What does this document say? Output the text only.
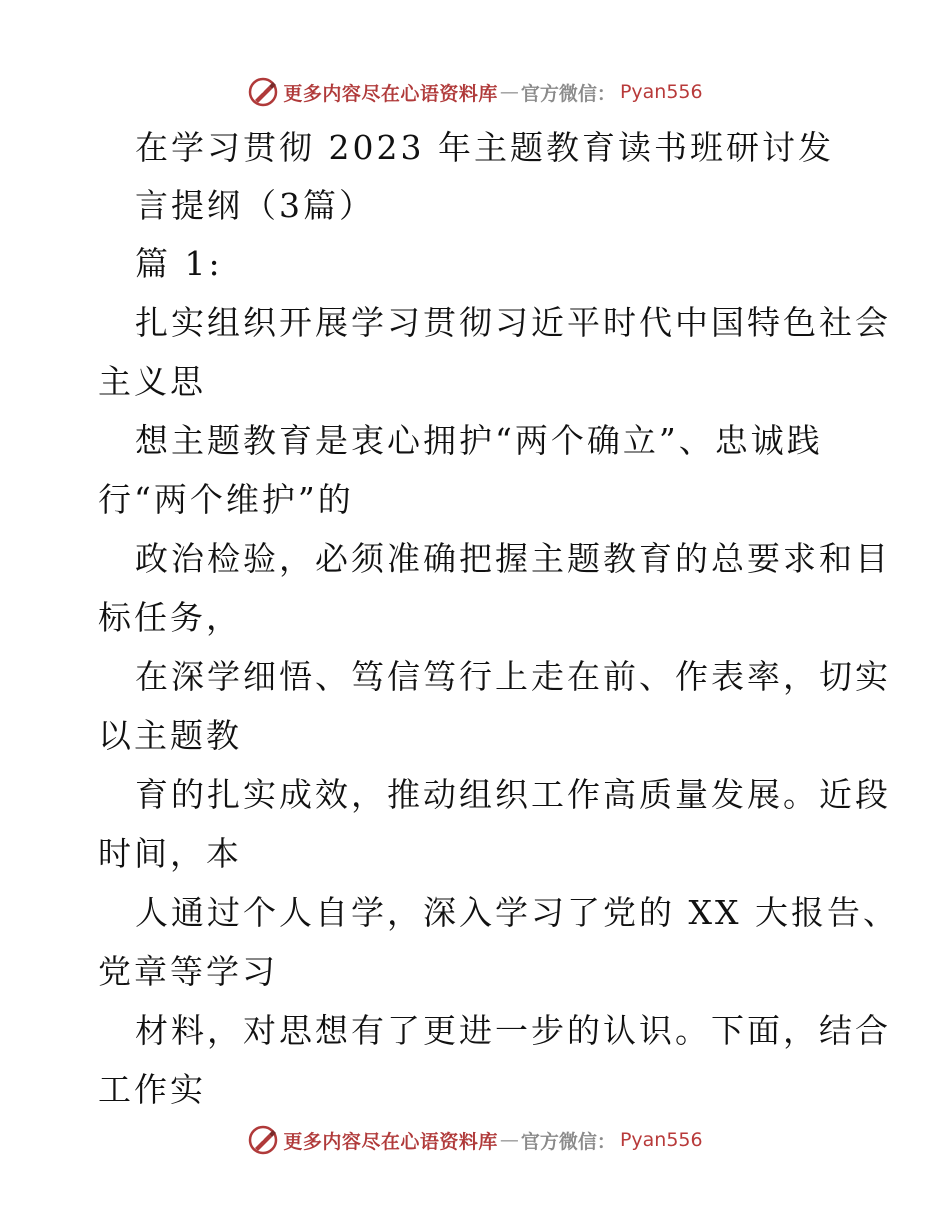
更多内容尽在心语资料库 — 官方微信： Pyan556
在学习贯彻 2023 年主题教育读书班研讨发
言提纲（3篇）
篇 1:
扎实组织开展学习贯彻习近平时代中国特色社会
主义思
想主题教育是衷心拥护“两个确立”、忠诚践
行“两个维护”的
政治检验，必须准确把握主题教育的总要求和目
标任务，
在深学细悟、笃信笃行上走在前、作表率，切实
以主题教
育的扎实成效，推动组织工作高质量发展。近段
时间，本
人通过个人自学，深入学习了党的 XX 大报告、
党章等学习
材料，对思想有了更进一步的认识。下面，结合
工作实
更多内容尽在心语资料库 — 官方微信： Pyan556
